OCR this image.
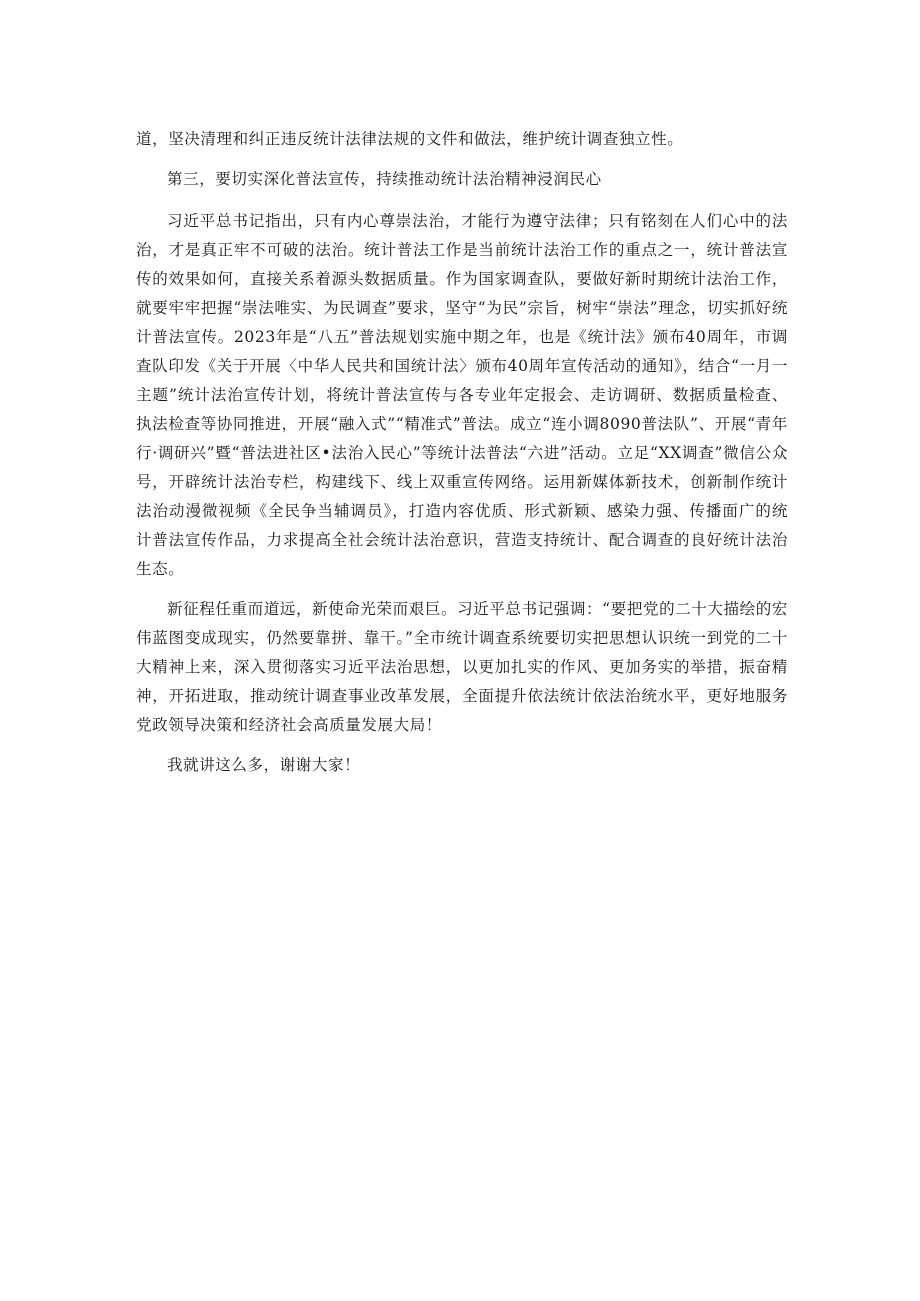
道，坚决清理和纠正违反统计法律法规的文件和做法，维护统计调查独立性。

第三，要切实深化普法宣传，持续推动统计法治精神浸润民心

习近平总书记指出，只有内心尊崇法治，才能行为遵守法律；只有铭刻在人们心中的法治，才是真正牢不可破的法治。统计普法工作是当前统计法治工作的重点之一，统计普法宣传的效果如何，直接关系着源头数据质量。作为国家调查队，要做好新时期统计法治工作，就要牢牢把握“崇法唯实、为民调查”要求，坚守“为民”宗旨，树牢“崇法”理念，切实抓好统计普法宣传。2023年是“八五”普法规划实施中期之年，也是《统计法》颁布40周年，市调查队印发《关于开展〈中华人民共和国统计法〉颁布40周年宣传活动的通知》，结合“一月一主题”统计法治宣传计划，将统计普法宣传与各专业年定报会、走访调研、数据质量检查、执法检查等协同推进，开展“融入式”“精准式”普法。成立“连小调8090普法队”、开展“青年行·调研兴”暨“普法进社区•法治入民心”等统计法普法“六进”活动。立足“XX调查”微信公众号，开辟统计法治专栏，构建线下、线上双重宣传网络。运用新媒体新技术，创新制作统计法治动漫微视频《全民争当辅调员》，打造内容优质、形式新颖、感染力强、传播面广的统计普法宣传作品，力求提高全社会统计法治意识，营造支持统计、配合调查的良好统计法治生态。

新征程任重而道远，新使命光荣而艰巨。习近平总书记强调：“要把党的二十大描绘的宏伟蓝图变成现实，仍然要靠拼、靠干。”全市统计调查系统要切实把思想认识统一到党的二十大精神上来，深入贯彻落实习近平法治思想，以更加扎实的作风、更加务实的举措，振奋精神，开拓进取，推动统计调查事业改革发展，全面提升依法统计依法治统水平，更好地服务党政领导决策和经济社会高质量发展大局！

我就讲这么多，谢谢大家！
